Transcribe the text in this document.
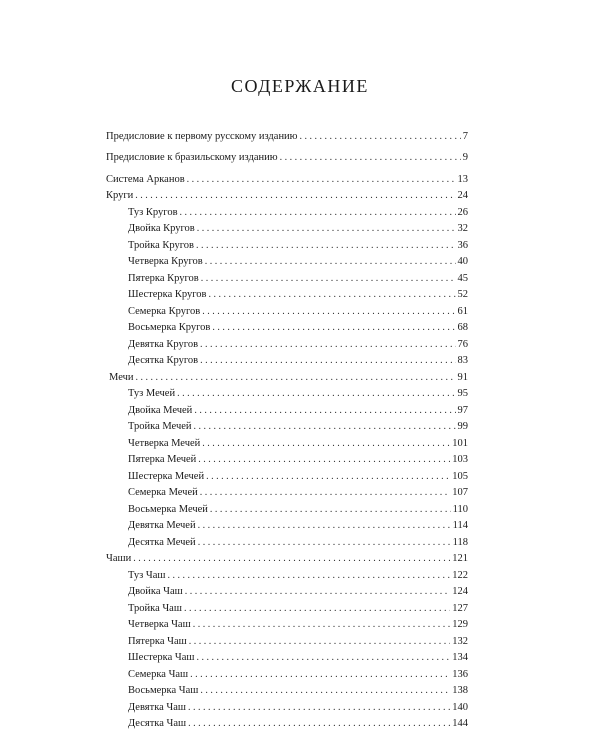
СОДЕРЖАНИЕ
Предисловие к первому русскому изданию . . .	7
Предисловие к бразильскому изданию . . .	9
Система Арканов . . .	13
Круги . . .	24
Туз Кругов . . .	26
Двойка Кругов . . .	32
Тройка Кругов . . .	36
Четверка Кругов . . .	40
Пятерка Кругов . . .	45
Шестерка Кругов . . .	52
Семерка Кругов . . .	61
Восьмерка Кругов . . .	68
Девятка Кругов . . .	76
Десятка Кругов . . .	83
Мечи . . .	91
Туз Мечей . . .	95
Двойка Мечей . . .	97
Тройка Мечей . . .	99
Четверка Мечей . . .	101
Пятерка Мечей . . .	103
Шестерка Мечей . . .	105
Семерка Мечей . . .	107
Восьмерка Мечей . . .	110
Девятка Мечей . . .	114
Десятка Мечей . . .	118
Чаши . . .	121
Туз Чаш . . .	122
Двойка Чаш . . .	124
Тройка Чаш . . .	127
Четверка Чаш . . .	129
Пятерка Чаш . . .	132
Шестерка Чаш . . .	134
Семерка Чаш . . .	136
Восьмерка Чаш . . .	138
Девятка Чаш . . .	140
Десятка Чаш . . .	144
